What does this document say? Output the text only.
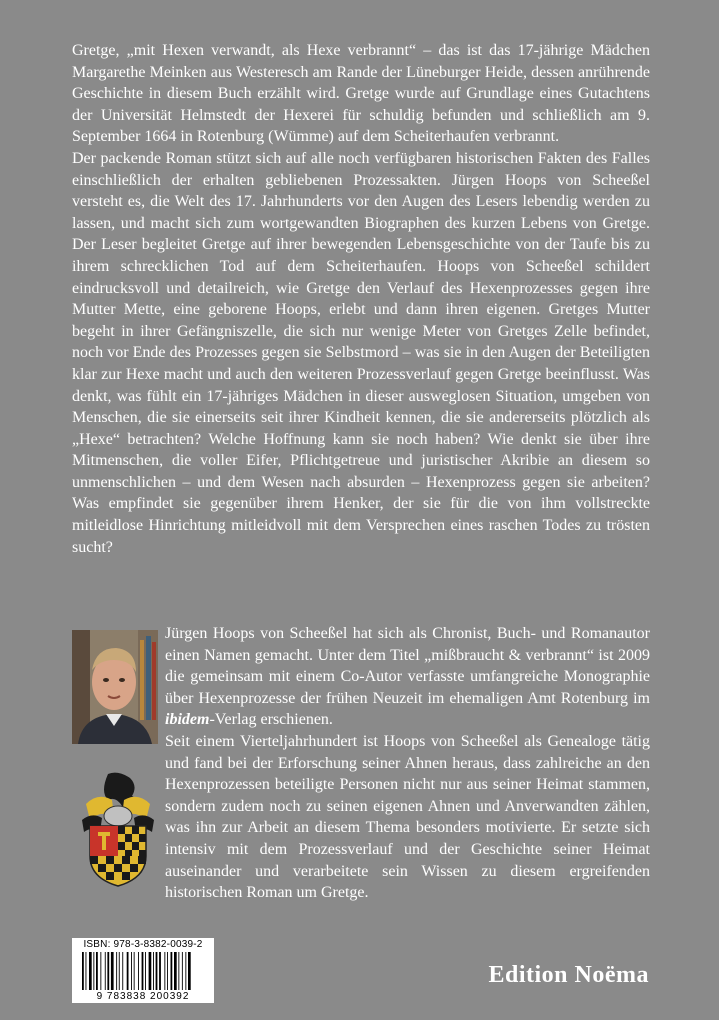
Gretge, „mit Hexen verwandt, als Hexe verbrannt“ – das ist das 17-jährige Mädchen Margarethe Meinken aus Westeresch am Rande der Lüneburger Heide, dessen anrührende Geschichte in diesem Buch erzählt wird. Gretge wurde auf Grundlage eines Gutachtens der Universität Helmstedt der Hexerei für schuldig befunden und schließlich am 9. September 1664 in Rotenburg (Wümme) auf dem Scheiterhaufen verbrannt.

Der packende Roman stützt sich auf alle noch verfügbaren historischen Fakten des Falles einschließlich der erhalten gebliebenen Prozessakten. Jürgen Hoops von Scheeßel versteht es, die Welt des 17. Jahrhunderts vor den Augen des Lesers lebendig werden zu lassen, und macht sich zum wortgewandten Biographen des kurzen Lebens von Gretge. Der Leser begleitet Gretge auf ihrer bewegenden Lebensgeschichte von der Taufe bis zu ihrem schrecklichen Tod auf dem Scheiterhaufen. Hoops von Scheeßel schildert eindrucksvoll und detailreich, wie Gretge den Verlauf des Hexenprozesses gegen ihre Mutter Mette, eine geborene Hoops, erlebt und dann ihren eigenen. Gretges Mutter begeht in ihrer Gefängniszelle, die sich nur wenige Meter von Gretges Zelle befindet, noch vor Ende des Prozesses gegen sie Selbstmord – was sie in den Augen der Beteiligten klar zur Hexe macht und auch den weiteren Prozessverlauf gegen Gretge beeinflusst. Was denkt, was fühlt ein 17-jähriges Mädchen in dieser ausweglosen Situation, umgeben von Menschen, die sie einerseits seit ihrer Kindheit kennen, die sie andererseits plötzlich als „Hexe“ betrachten? Welche Hoffnung kann sie noch haben? Wie denkt sie über ihre Mitmenschen, die voller Eifer, Pflichtgetreue und juristischer Akribie an diesem so unmenschlichen – und dem Wesen nach absurden – Hexenprozess gegen sie arbeiten? Was empfindet sie gegenüber ihrem Henker, der sie für die von ihm vollstreckte mitleidlose Hinrichtung mitleidvoll mit dem Versprechen eines raschen Todes zu trösten sucht?

Jürgen Hoops von Scheeßel hat sich als Chronist, Buch- und Romanautor einen Namen gemacht. Unter dem Titel „mißbraucht & verbrannt“ ist 2009 die gemeinsam mit einem Co-Autor verfasste umfangreiche Monographie über Hexenprozesse der frühen Neuzeit im ehemaligen Amt Rotenburg im ibidem-Verlag erschienen.

Seit einem Vierteljahrhundert ist Hoops von Scheeßel als Genealoge tätig und fand bei der Erforschung seiner Ahnen heraus, dass zahlreiche an den Hexenprozessen beteiligte Personen nicht nur aus seiner Heimat stammen, sondern zudem noch zu seinen eigenen Ahnen und Anverwandten zählen, was ihn zur Arbeit an diesem Thema besonders motivierte. Er setzte sich intensiv mit dem Prozessverlauf und der Geschichte seiner Heimat auseinander und verarbeitete sein Wissen zu diesem ergreifenden historischen Roman um Gretge.

ISBN: 978-3-8382-0039-2
9 783838 200392
Edition Noëma
